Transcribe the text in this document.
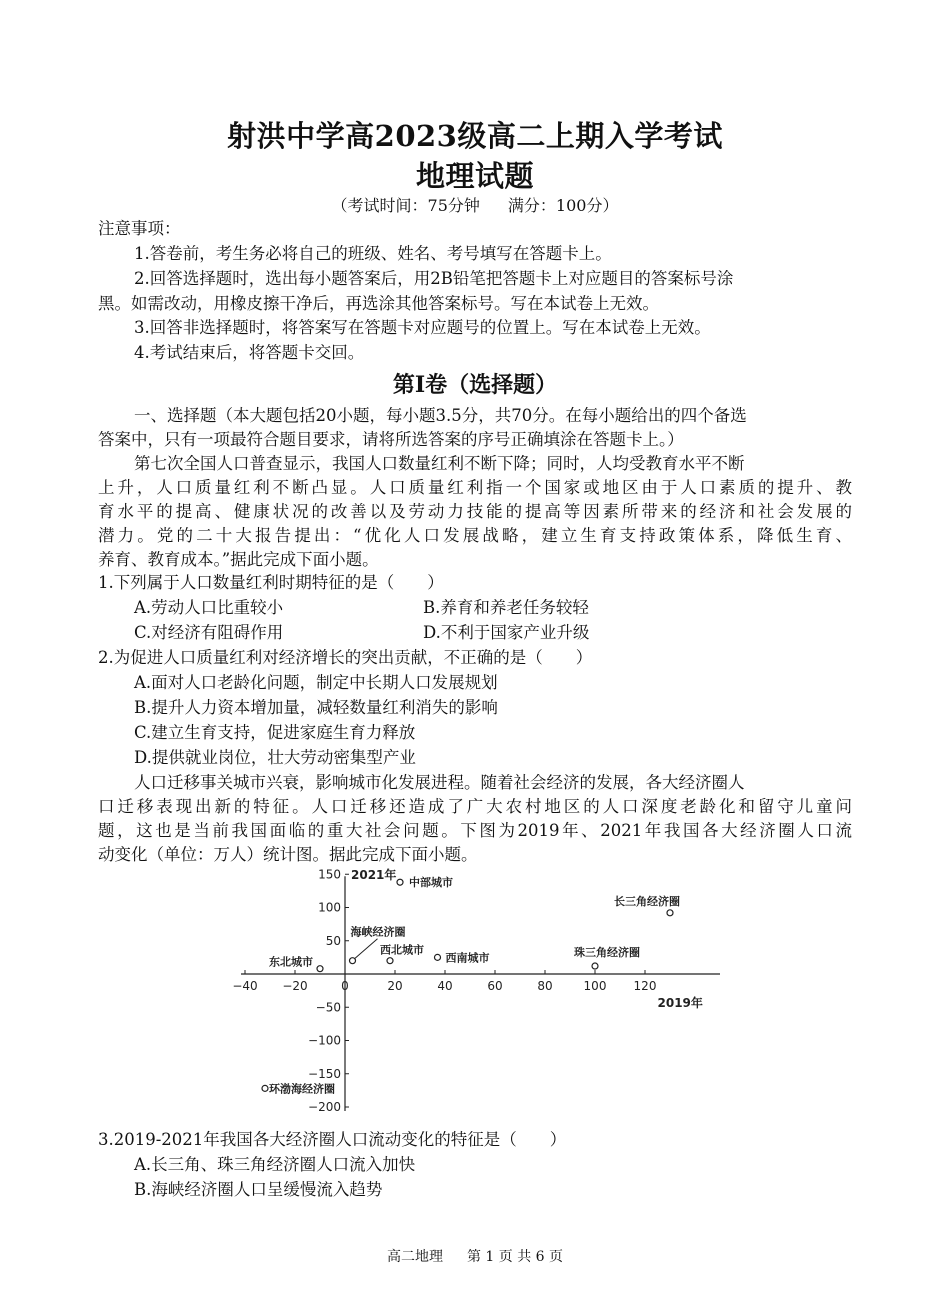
射洪中学高2023级高二上期入学考试
地理试题
（考试时间：75分钟 满分：100分）
注意事项：
1.答卷前，考生务必将自己的班级、姓名、考号填写在答题卡上。
2.回答选择题时，选出每小题答案后，用2B铅笔把答题卡上对应题目的答案标号涂
黑。如需改动，用橡皮擦干净后，再选涂其他答案标号。写在本试卷上无效。
3.回答非选择题时，将答案写在答题卡对应题号的位置上。写在本试卷上无效。
4.考试结束后，将答题卡交回。
第I卷（选择题）
一、选择题（本大题包括20小题，每小题3.5分，共70分。在每小题给出的四个备选
答案中，只有一项最符合题目要求，请将所选答案的序号正确填涂在答题卡上。）
第七次全国人口普查显示，我国人口数量红利不断下降；同时，人均受教育水平不断
上升，人口质量红利不断凸显。人口质量红利指一个国家或地区由于人口素质的提升、教
育水平的提高、健康状况的改善以及劳动力技能的提高等因素所带来的经济和社会发展的
潜力。党的二十大报告提出：“优化人口发展战略，建立生育支持政策体系，降低生育、
养育、教育成本。”据此完成下面小题。
1.下列属于人口数量红利时期特征的是（　　）
A.劳动人口比重较小	B.养育和养老任务较轻
C.对经济有阻碍作用	D.不利于国家产业升级
2.为促进人口质量红利对经济增长的突出贡献，不正确的是（　　）
A.面对人口老龄化问题，制定中长期人口发展规划
B.提升人力资本增加量，减轻数量红利消失的影响
C.建立生育支持，促进家庭生育力释放
D.提供就业岗位，壮大劳动密集型产业
人口迁移事关城市兴衰，影响城市化发展进程。随着社会经济的发展，各大经济圈人
口迁移表现出新的特征。人口迁移还造成了广大农村地区的人口深度老龄化和留守儿童问
题，这也是当前我国面临的重大社会问题。下图为2019年、2021年我国各大经济圈人口流
动变化（单位：万人）统计图。据此完成下面小题。
−40 −20	0	20	40	60	80	100 120
150
100
50
−50
−100
−150
−200
2021年
2019年
中部城市
长三角经济圈
海峡经济圈
西北城市
西南城市	珠三角经济圈
东北城市
环渤海经济圈
3.2019-2021年我国各大经济圈人口流动变化的特征是（　　）
A.长三角、珠三角经济圈人口流入加快
B.海峡经济圈人口呈缓慢流入趋势
高二地理 第 1 页 共 6 页
